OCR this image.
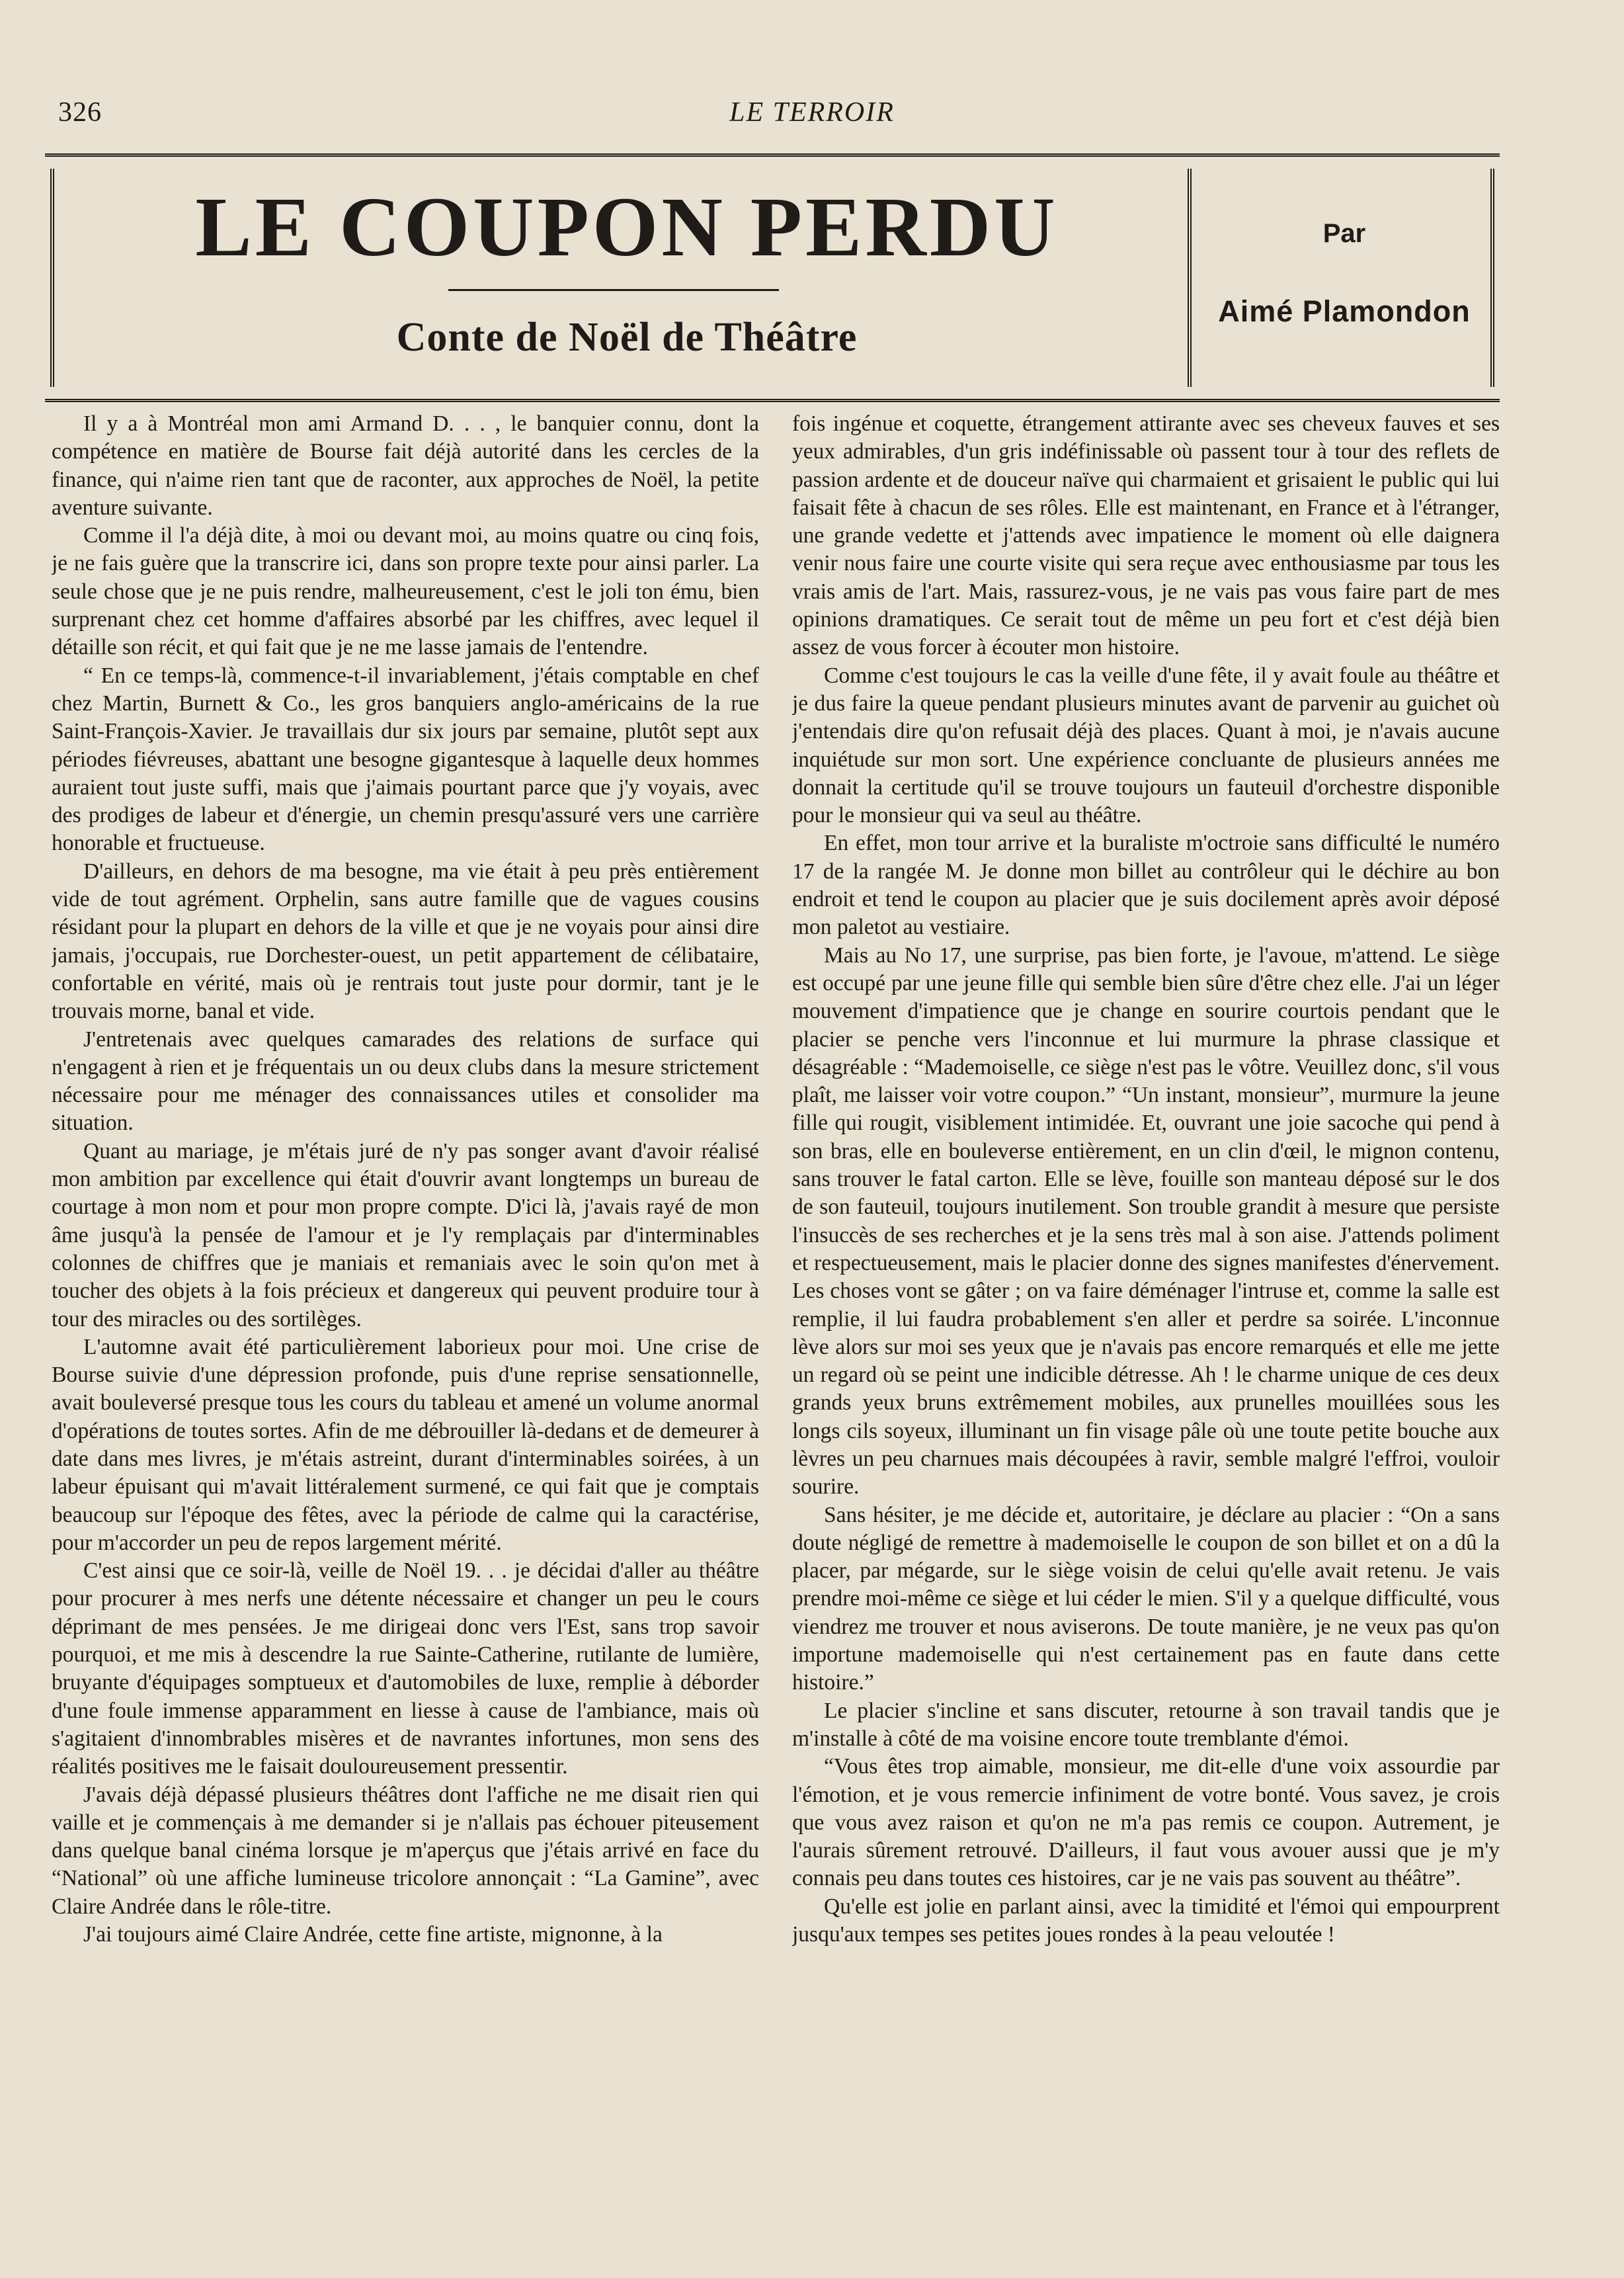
326	LE TERROIR
LE COUPON PERDU
Conte de Noël de Théâtre
Par
Aimé Plamondon

Il y a à Montréal mon ami Armand D. . . , le banquier connu, dont la compétence en matière de Bourse fait déjà autorité dans les cercles de la finance, qui n'aime rien tant que de raconter, aux approches de Noël, la petite aventure suivante.

Comme il l'a déjà dite, à moi ou devant moi, au moins quatre ou cinq fois, je ne fais guère que la transcrire ici, dans son propre texte pour ainsi parler. La seule chose que je ne puis rendre, malheureusement, c'est le joli ton ému, bien surprenant chez cet homme d'affaires absorbé par les chiffres, avec lequel il détaille son récit, et qui fait que je ne me lasse jamais de l'entendre.

“ En ce temps-là, commence-t-il invariablement, j'étais comptable en chef chez Martin, Burnett & Co., les gros banquiers anglo-américains de la rue Saint-François-Xavier. Je travaillais dur six jours par semaine, plutôt sept aux périodes fiévreuses, abattant une besogne gigantesque à laquelle deux hommes auraient tout juste suffi, mais que j'aimais pourtant parce que j'y voyais, avec des prodiges de labeur et d'énergie, un chemin presqu'assuré vers une carrière honorable et fructueuse.

D'ailleurs, en dehors de ma besogne, ma vie était à peu près entièrement vide de tout agrément. Orphelin, sans autre famille que de vagues cousins résidant pour la plupart en dehors de la ville et que je ne voyais pour ainsi dire jamais, j'occupais, rue Dorchester-ouest, un petit appartement de célibataire, confortable en vérité, mais où je rentrais tout juste pour dormir, tant je le trouvais morne, banal et vide.

J'entretenais avec quelques camarades des relations de surface qui n'engagent à rien et je fréquentais un ou deux clubs dans la mesure strictement nécessaire pour me ménager des connaissances utiles et consolider ma situation.

Quant au mariage, je m'étais juré de n'y pas songer avant d'avoir réalisé mon ambition par excellence qui était d'ouvrir avant longtemps un bureau de courtage à mon nom et pour mon propre compte. D'ici là, j'avais rayé de mon âme jusqu'à la pensée de l'amour et je l'y remplaçais par d'interminables colonnes de chiffres que je maniais et remaniais avec le soin qu'on met à toucher des objets à la fois précieux et dangereux qui peuvent produire tour à tour des miracles ou des sortilèges.

L'automne avait été particulièrement laborieux pour moi. Une crise de Bourse suivie d'une dépression profonde, puis d'une reprise sensationnelle, avait bouleversé presque tous les cours du tableau et amené un volume anormal d'opérations de toutes sortes. Afin de me débrouiller là-dedans et de demeurer à date dans mes livres, je m'étais astreint, durant d'interminables soirées, à un labeur épuisant qui m'avait littéralement surmené, ce qui fait que je comptais beaucoup sur l'époque des fêtes, avec la période de calme qui la caractérise, pour m'accorder un peu de repos largement mérité.

C'est ainsi que ce soir-là, veille de Noël 19. . . je décidai d'aller au théâtre pour procurer à mes nerfs une détente nécessaire et changer un peu le cours déprimant de mes pensées. Je me dirigeai donc vers l'Est, sans trop savoir pourquoi, et me mis à descendre la rue Sainte-Catherine, rutilante de lumière, bruyante d'équipages somptueux et d'automobiles de luxe, remplie à déborder d'une foule immense apparamment en liesse à cause de l'ambiance, mais où s'agitaient d'innombrables misères et de navrantes infortunes, mon sens des réalités positives me le faisait douloureusement pressentir.

J'avais déjà dépassé plusieurs théâtres dont l'affiche ne me disait rien qui vaille et je commençais à me demander si je n'allais pas échouer piteusement dans quelque banal cinéma lorsque je m'aperçus que j'étais arrivé en face du “National” où une affiche lumineuse tricolore annonçait : “La Gamine”, avec Claire Andrée dans le rôle-titre.

J'ai toujours aimé Claire Andrée, cette fine artiste, mignonne, à la

fois ingénue et coquette, étrangement attirante avec ses cheveux fauves et ses yeux admirables, d'un gris indéfinissable où passent tour à tour des reflets de passion ardente et de douceur naïve qui charmaient et grisaient le public qui lui faisait fête à chacun de ses rôles. Elle est maintenant, en France et à l'étranger, une grande vedette et j'attends avec impatience le moment où elle daignera venir nous faire une courte visite qui sera reçue avec enthousiasme par tous les vrais amis de l'art. Mais, rassurez-vous, je ne vais pas vous faire part de mes opinions dramatiques. Ce serait tout de même un peu fort et c'est déjà bien assez de vous forcer à écouter mon histoire.

Comme c'est toujours le cas la veille d'une fête, il y avait foule au théâtre et je dus faire la queue pendant plusieurs minutes avant de parvenir au guichet où j'entendais dire qu'on refusait déjà des places. Quant à moi, je n'avais aucune inquiétude sur mon sort. Une expérience concluante de plusieurs années me donnait la certitude qu'il se trouve toujours un fauteuil d'orchestre disponible pour le monsieur qui va seul au théâtre.

En effet, mon tour arrive et la buraliste m'octroie sans difficulté le numéro 17 de la rangée M. Je donne mon billet au contrôleur qui le déchire au bon endroit et tend le coupon au placier que je suis docilement après avoir déposé mon paletot au vestiaire.

Mais au No 17, une surprise, pas bien forte, je l'avoue, m'attend. Le siège est occupé par une jeune fille qui semble bien sûre d'être chez elle. J'ai un léger mouvement d'impatience que je change en sourire courtois pendant que le placier se penche vers l'inconnue et lui murmure la phrase classique et désagréable : “Mademoiselle, ce siège n'est pas le vôtre. Veuillez donc, s'il vous plaît, me laisser voir votre coupon.” “Un instant, monsieur”, murmure la jeune fille qui rougit, visiblement intimidée. Et, ouvrant une joie sacoche qui pend à son bras, elle en bouleverse entièrement, en un clin d'œil, le mignon contenu, sans trouver le fatal carton. Elle se lève, fouille son manteau déposé sur le dos de son fauteuil, toujours inutilement. Son trouble grandit à mesure que persiste l'insuccès de ses recherches et je la sens très mal à son aise. J'attends poliment et respectueusement, mais le placier donne des signes manifestes d'énervement. Les choses vont se gâter ; on va faire déménager l'intruse et, comme la salle est remplie, il lui faudra probablement s'en aller et perdre sa soirée. L'inconnue lève alors sur moi ses yeux que je n'avais pas encore remarqués et elle me jette un regard où se peint une indicible détresse. Ah ! le charme unique de ces deux grands yeux bruns extrêmement mobiles, aux prunelles mouillées sous les longs cils soyeux, illuminant un fin visage pâle où une toute petite bouche aux lèvres un peu charnues mais découpées à ravir, semble malgré l'effroi, vouloir sourire.

Sans hésiter, je me décide et, autoritaire, je déclare au placier : “On a sans doute négligé de remettre à mademoiselle le coupon de son billet et on a dû la placer, par mégarde, sur le siège voisin de celui qu'elle avait retenu. Je vais prendre moi-même ce siège et lui céder le mien. S'il y a quelque difficulté, vous viendrez me trouver et nous aviserons. De toute manière, je ne veux pas qu'on importune mademoiselle qui n'est certainement pas en faute dans cette histoire.”

Le placier s'incline et sans discuter, retourne à son travail tandis que je m'installe à côté de ma voisine encore toute tremblante d'émoi.

“Vous êtes trop aimable, monsieur, me dit-elle d'une voix assourdie par l'émotion, et je vous remercie infiniment de votre bonté. Vous savez, je crois que vous avez raison et qu'on ne m'a pas remis ce coupon. Autrement, je l'aurais sûrement retrouvé. D'ailleurs, il faut vous avouer aussi que je m'y connais peu dans toutes ces histoires, car je ne vais pas souvent au théâtre”.

Qu'elle est jolie en parlant ainsi, avec la timidité et l'émoi qui empourprent jusqu'aux tempes ses petites joues rondes à la peau veloutée !
